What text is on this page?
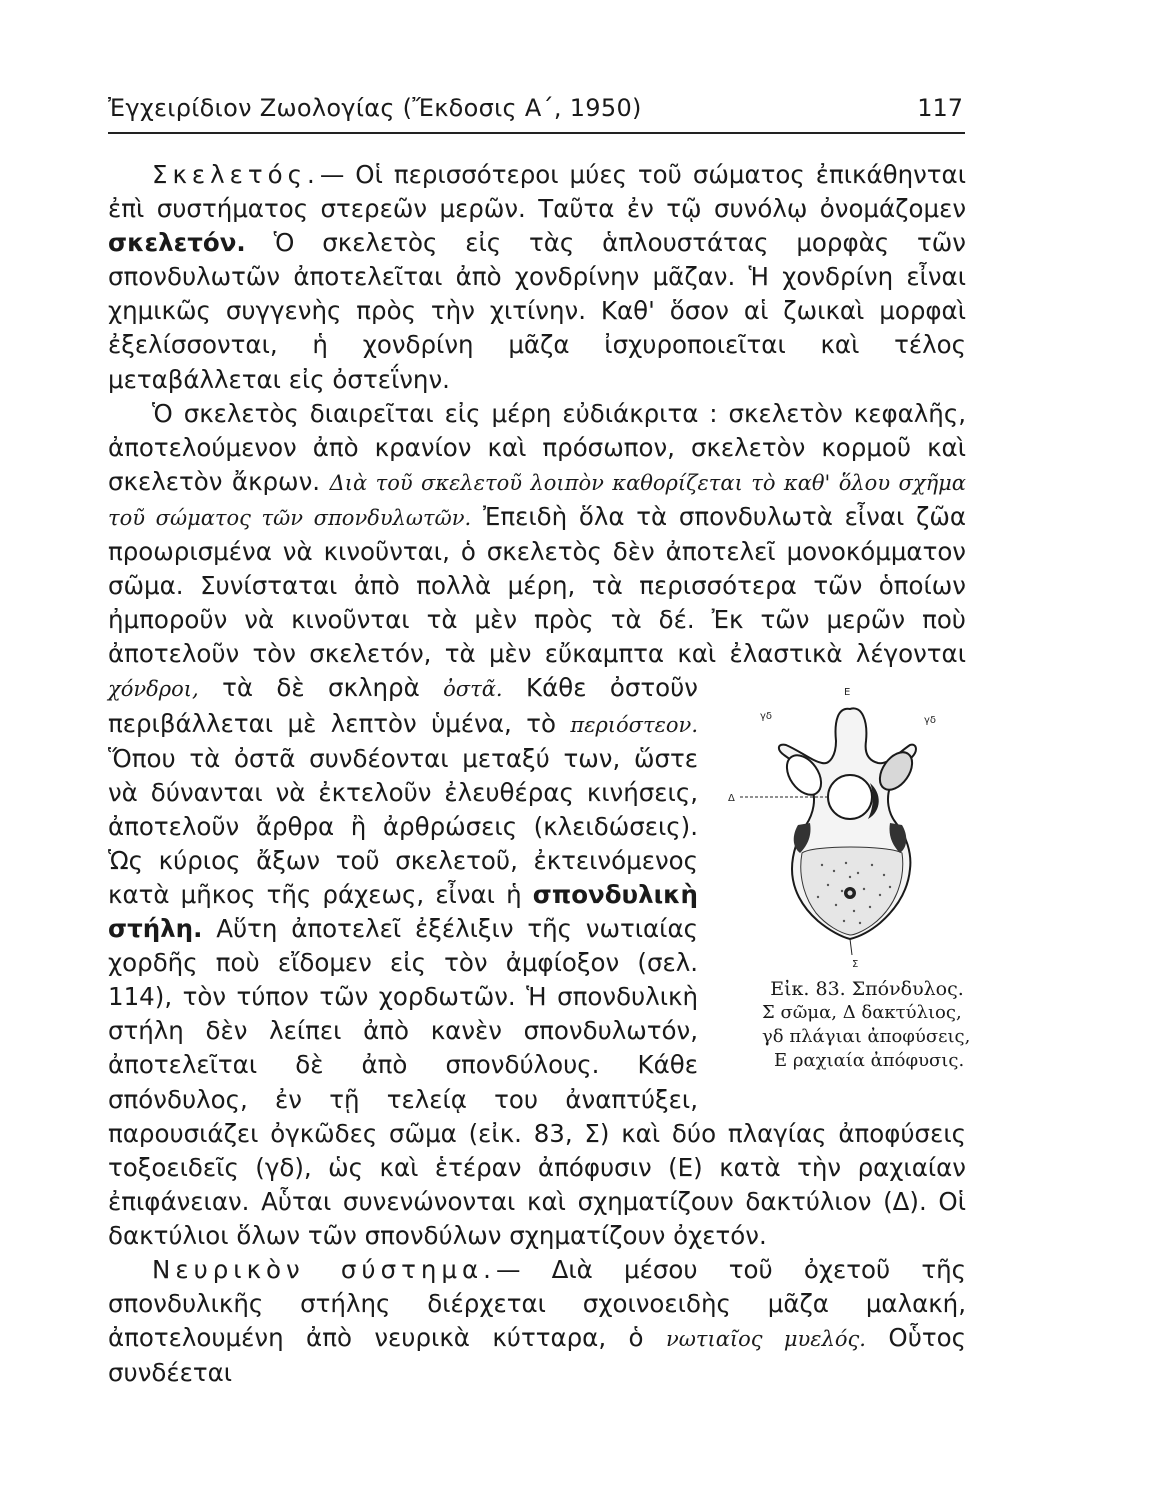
Ἐγχειρίδιον Ζωολογίας (Ἔκδοσις Α΄, 1950)	117

Σκελετός.— Οἱ περισσότεροι μύες τοῦ σώματος ἐπικάθηνται ἐπὶ συστήματος στερεῶν μερῶν. Ταῦτα ἐν τῷ συνόλῳ ὀνομάζομεν σκελετόν. Ὁ σκελετὸς εἰς τὰς ἁπλουστάτας μορφὰς τῶν σπονδυλωτῶν ἀποτελεῖται ἀπὸ χονδρίνην μᾶζαν. Ἡ χονδρίνη εἶναι χημικῶς συγγενὴς πρὸς τὴν χιτίνην. Καθ' ὅσον αἱ ζωικαὶ μορφαὶ ἐξελίσσονται, ἡ χονδρίνη μᾶζα ἰσχυροποιεῖται καὶ τέλος μεταβάλλεται εἰς ὀστεΐνην.

Ὁ σκελετὸς διαιρεῖται εἰς μέρη εὐδιάκριτα : σκελετὸν κεφαλῆς, ἀποτελούμενον ἀπὸ κρανίον καὶ πρόσωπον, σκελετὸν κορμοῦ καὶ σκελετὸν ἄκρων. Διὰ τοῦ σκελετοῦ λοιπὸν καθορίζεται τὸ καθ' ὅλου σχῆμα τοῦ σώματος τῶν σπονδυλωτῶν. Ἐπειδὴ ὅλα τὰ σπονδυλωτὰ εἶναι ζῶα προωρισμένα νὰ κινοῦνται, ὁ σκελετὸς δὲν ἀποτελεῖ μονοκόμματον σῶμα. Συνίσταται ἀπὸ πολλὰ μέρη, τὰ περισσότερα τῶν ὁποίων ἠμποροῦν νὰ κινοῦνται τὰ μὲν πρὸς τὰ δέ. Ἐκ τῶν μερῶν ποὺ ἀποτελοῦν τὸν σκελετόν, τὰ μὲν εὔκαμπτα καὶ ἐλαστικὰ λέγονται
Ε
γδ	γδ
Δ
Σ
Εἰκ. 83. Σπόνδυλος.
Σ σῶμα, Δ δακτύλιος,
γδ πλάγιαι ἀποφύσεις,
Ε ραχιαία ἀπόφυσις.
χόνδροι, τὰ δὲ σκληρὰ ὀστᾶ. Κάθε ὀστοῦν περιβάλλεται μὲ λεπτὸν ὑμένα, τὸ περιόστεον. Ὅπου τὰ ὀστᾶ συνδέονται μεταξύ των, ὥστε νὰ δύνανται νὰ ἐκτελοῦν ἐλευθέρας κινήσεις, ἀποτελοῦν ἄρθρα ἢ ἀρθρώσεις (κλειδώσεις). Ὡς κύριος ἄξων τοῦ σκελετοῦ, ἐκτεινόμενος κατὰ μῆκος τῆς ράχεως, εἶναι ἡ σπονδυλικὴ στήλη. Αὕτη ἀποτελεῖ ἐξέλιξιν τῆς νωτιαίας χορδῆς ποὺ εἴδομεν εἰς τὸν ἀμφίοξον (σελ. 114), τὸν τύπον τῶν χορδωτῶν. Ἡ σπονδυλικὴ στήλη δὲν λείπει ἀπὸ κανὲν σπονδυλωτόν, ἀποτελεῖται δὲ ἀπὸ σπονδύλους. Κάθε σπόνδυλος, ἐν τῇ τελείᾳ του ἀναπτύξει, παρουσιάζει ὀγκῶδες σῶμα (εἰκ. 83, Σ) καὶ δύο πλαγίας ἀποφύσεις τοξοειδεῖς (γδ), ὡς καὶ ἑτέραν ἀπόφυσιν (Ε) κατὰ τὴν ραχιαίαν ἐπιφάνειαν. Αὗται συνενώνονται καὶ σχηματίζουν δακτύλιον (Δ). Οἱ δακτύλιοι ὅλων τῶν σπονδύλων σχηματίζουν ὀχετόν.

Νευρικὸν σύστημα.— Διὰ μέσου τοῦ ὀχετοῦ τῆς σπονδυλικῆς στήλης διέρχεται σχοινοειδὴς μᾶζα μαλακή, ἀποτελουμένη ἀπὸ νευρικὰ κύτταρα, ὁ νωτιαῖος μυελός. Οὗτος συνδέεται
